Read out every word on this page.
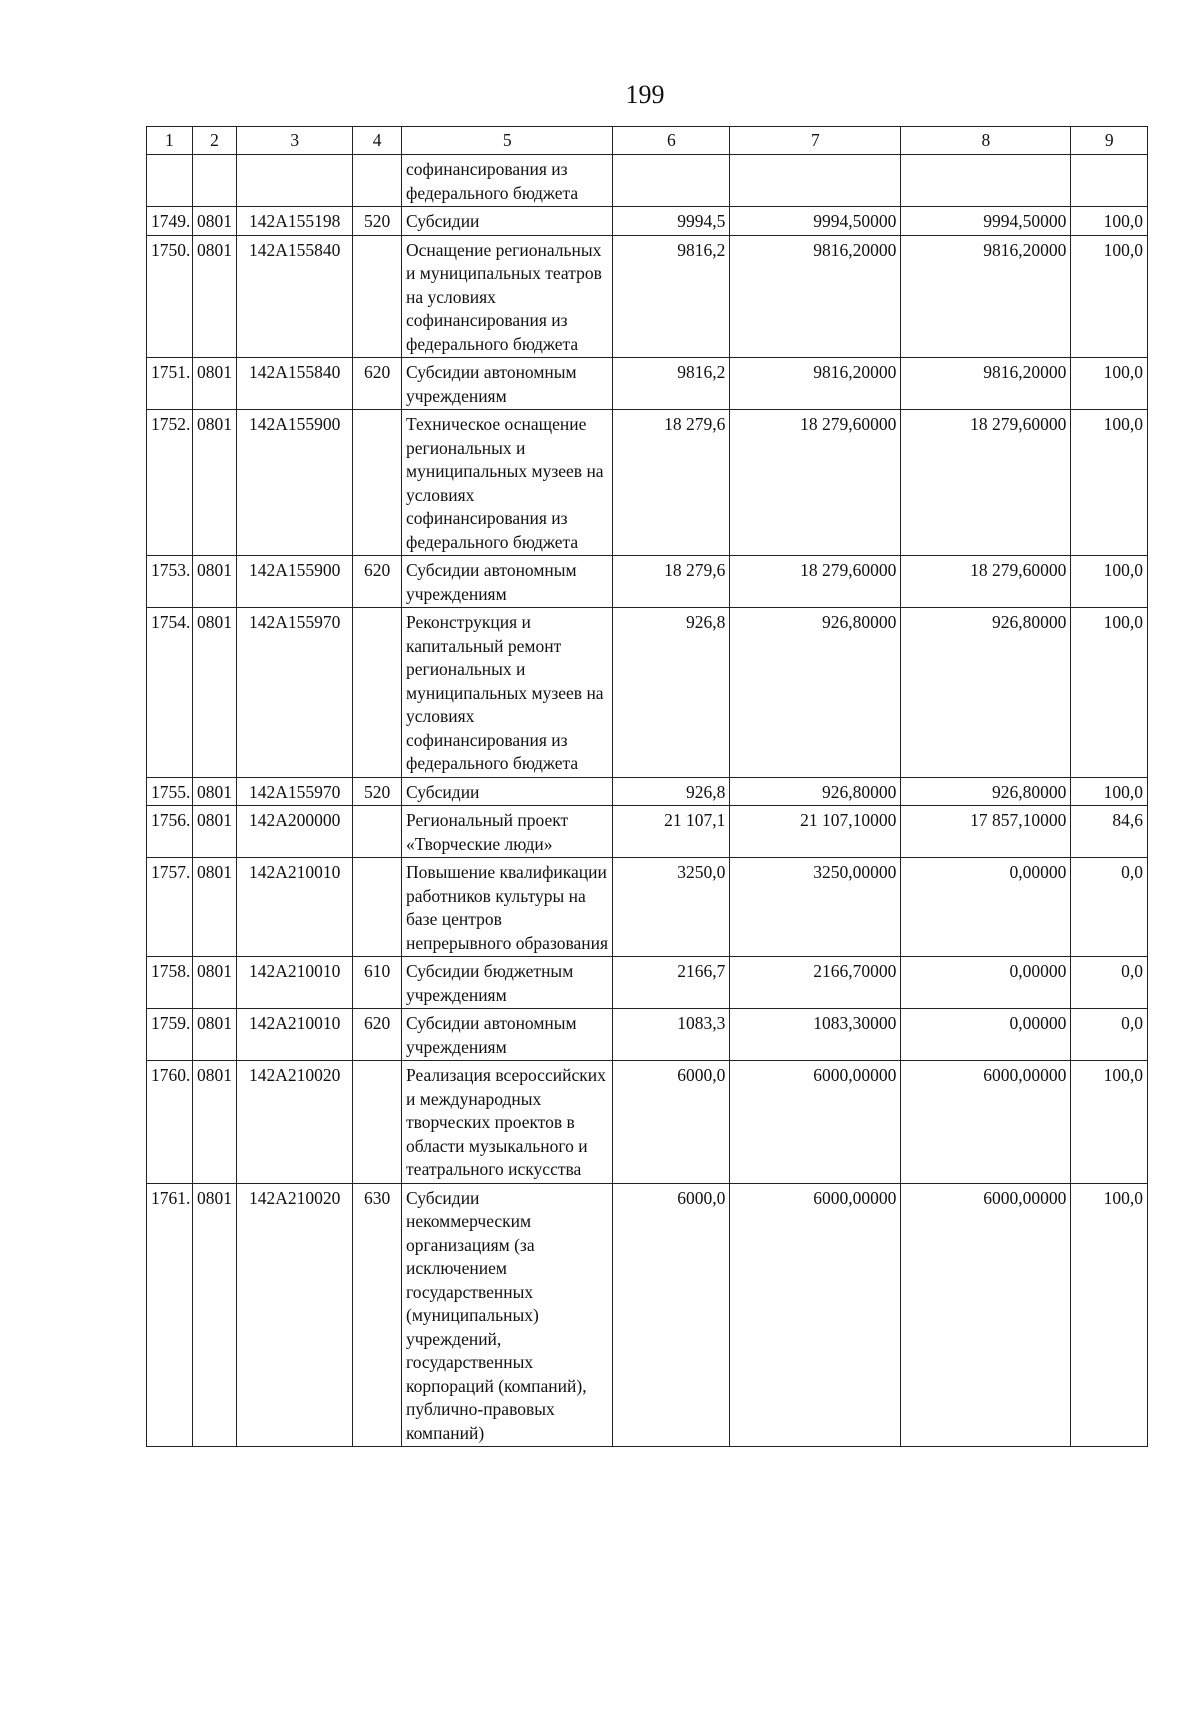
199
1	2	3	4	5	6	7	8	9
				софинансирования из федерального бюджета				
1749.	0801	142А155198	520	Субсидии	9994,5	9994,50000	9994,50000	100,0
1750.	0801	142А155840		Оснащение региональных и муниципальных театров на условиях софинансирования из федерального бюджета	9816,2	9816,20000	9816,20000	100,0
1751.	0801	142А155840	620	Субсидии автономным учреждениям	9816,2	9816,20000	9816,20000	100,0
1752.	0801	142А155900		Техническое оснащение региональных и муниципальных музеев на условиях софинансирования из федерального бюджета	18 279,6	18 279,60000	18 279,60000	100,0
1753.	0801	142А155900	620	Субсидии автономным учреждениям	18 279,6	18 279,60000	18 279,60000	100,0
1754.	0801	142А155970		Реконструкция и капитальный ремонт региональных и муниципальных музеев на условиях софинансирования из федерального бюджета	926,8	926,80000	926,80000	100,0
1755.	0801	142А155970	520	Субсидии	926,8	926,80000	926,80000	100,0
1756.	0801	142А200000		Региональный проект «Творческие люди»	21 107,1	21 107,10000	17 857,10000	84,6
1757.	0801	142А210010		Повышение квалификации работников культуры на базе центров непрерывного образования	3250,0	3250,00000	0,00000	0,0
1758.	0801	142А210010	610	Субсидии бюджетным учреждениям	2166,7	2166,70000	0,00000	0,0
1759.	0801	142А210010	620	Субсидии автономным учреждениям	1083,3	1083,30000	0,00000	0,0
1760.	0801	142А210020		Реализация всероссийских и международных творческих проектов в области музыкального и театрального искусства	6000,0	6000,00000	6000,00000	100,0
1761.	0801	142А210020	630	Субсидии некоммерческим организациям (за исключением государственных (муниципальных) учреждений, государственных корпораций (компаний), публично-правовых компаний)	6000,0	6000,00000	6000,00000	100,0
